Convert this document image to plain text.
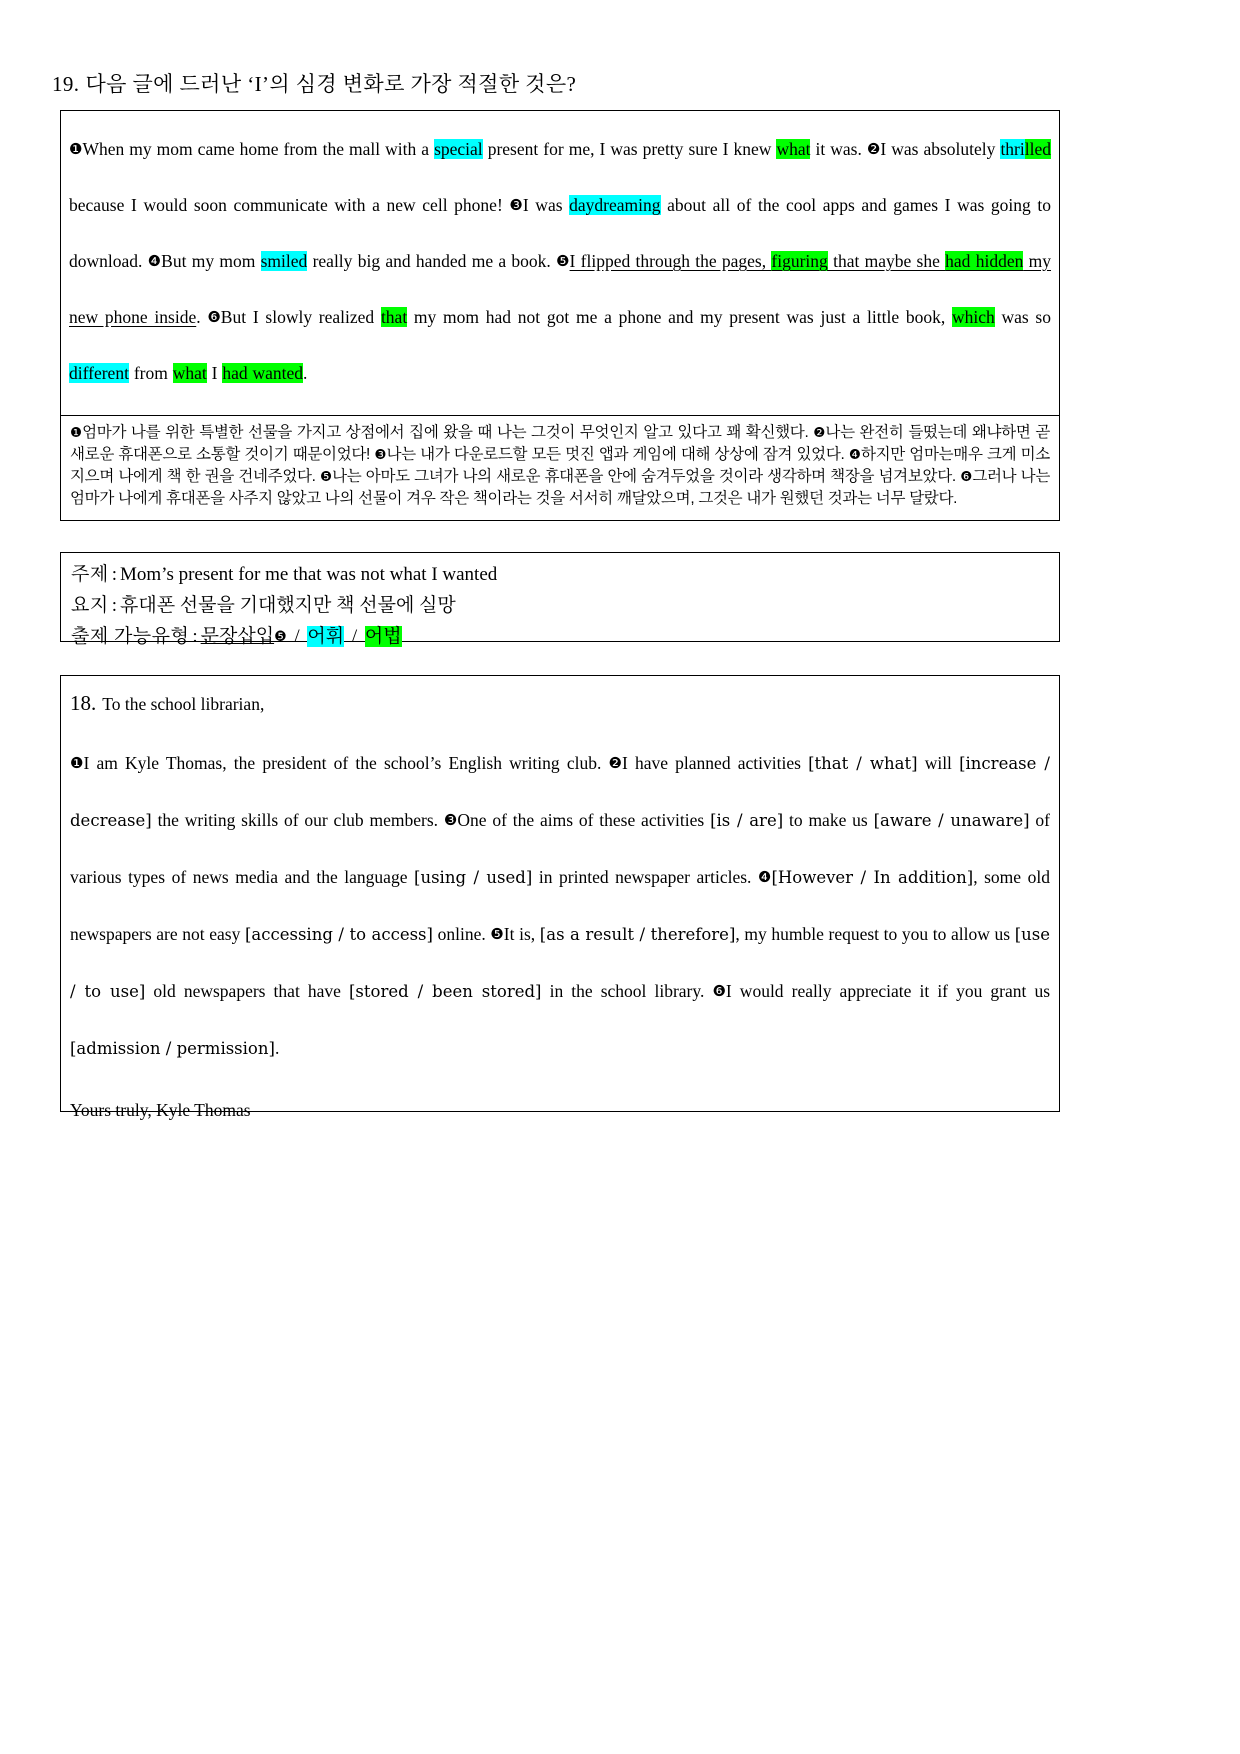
19. 다음 글에 드러난 ‘I’의 심경 변화로 가장 적절한 것은?
❶When my mom came home from the mall with a special present for me, I was pretty sure I knew what it was. ❷I was absolutely thrilled because I would soon communicate with a new cell phone! ❸I was daydreaming about all of the cool apps and games I was going to download. ❹But my mom smiled really big and handed me a book. ❺I flipped through the pages, figuring that maybe she had hidden my new phone inside. ❻But I slowly realized that my mom had not got me a phone and my present was just a little book, which was so different from what I had wanted.
❶엄마가 나를 위한 특별한 선물을 가지고 상점에서 집에 왔을 때 나는 그것이 무엇인지 알고 있다고 꽤 확신했다. ❷나는 완전히 들떴는데 왜냐하면 곧 새로운 휴대폰으로 소통할 것이기 때문이었다! ❸나는 내가 다운로드할 모든 멋진 앱과 게임에 대해 상상에 잠겨 있었다. ❹하지만 엄마는매우 크게 미소지으며 나에게 책 한 권을 건네주었다. ❺나는 아마도 그녀가 나의 새로운 휴대폰을 안에 숨겨두었을 것이라 생각하며 책장을 넘겨보았다. ❻그러나 나는 엄마가 나에게 휴대폰을 사주지 않았고 나의 선물이 겨우 작은 책이라는 것을 서서히 깨달았으며, 그것은 내가 원했던 것과는 너무 달랐다.
주제 : Mom’s present for me that was not what I wanted
요지 : 휴대폰 선물을 기대했지만 책 선물에 실망
출제 가능유형 : 문장삽입❺ / 어휘 / 어법
18. To the school librarian,
❶I am Kyle Thomas, the president of the school’s English writing club. ❷I have planned activities [that / what] will [increase / decrease] the writing skills of our club members. ❸One of the aims of these activities [is / are] to make us [aware / unaware] of various types of news media and the language [using / used] in printed newspaper articles. ❹[However / In addition], some old newspapers are not easy [accessing / to access] online. ❺It is, [as a result / therefore], my humble request to you to allow us [use / to use] old newspapers that have [stored / been stored] in the school library. ❻I would really appreciate it if you grant us [admission / permission].
Yours truly, Kyle Thomas
